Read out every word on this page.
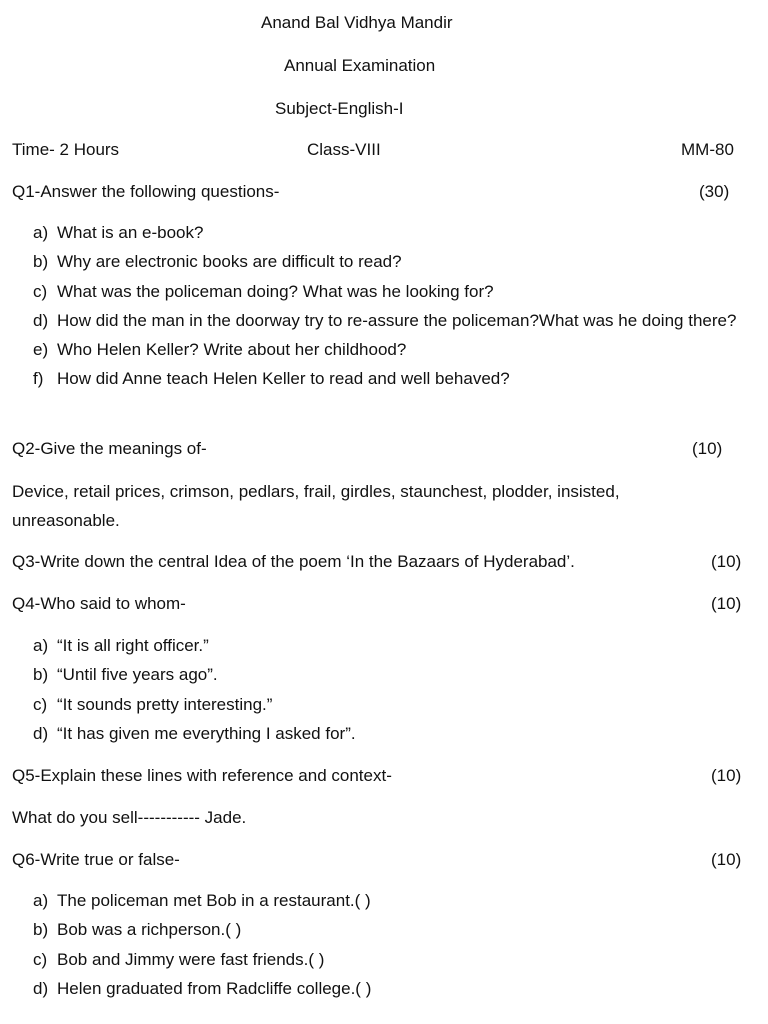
Anand Bal Vidhya Mandir
Annual Examination
Subject-English-I
Time- 2 Hours	Class-VIII	MM-80
Q1-Answer the following questions-	(30)
a) What is an e-book?
b) Why are electronic books are difficult to read?
c) What was the policeman doing? What was he looking for?
d) How did the man in the doorway try to re-assure the policeman?What was he doing there?
e) Who Helen Keller? Write about her childhood?
f) How did Anne teach Helen Keller to read and well behaved?
Q2-Give the meanings of-	(10)
Device, retail prices, crimson, pedlars, frail, girdles, staunchest, plodder, insisted, unreasonable.
Q3-Write down the central Idea of the poem ‘In the Bazaars of Hyderabad’.	(10)
Q4-Who said to whom-	(10)
a) “It is all right officer.”
b) “Until five years ago”.
c) “It sounds pretty interesting.”
d) “It has given me everything I asked for”.
Q5-Explain these lines with reference and context-	(10)
What do you sell----------- Jade.
Q6-Write true or false-	(10)
a) The policeman met Bob in a restaurant.( )
b) Bob was a richperson.( )
c) Bob and Jimmy were fast friends.( )
d) Helen graduated from Radcliffe college.( )
